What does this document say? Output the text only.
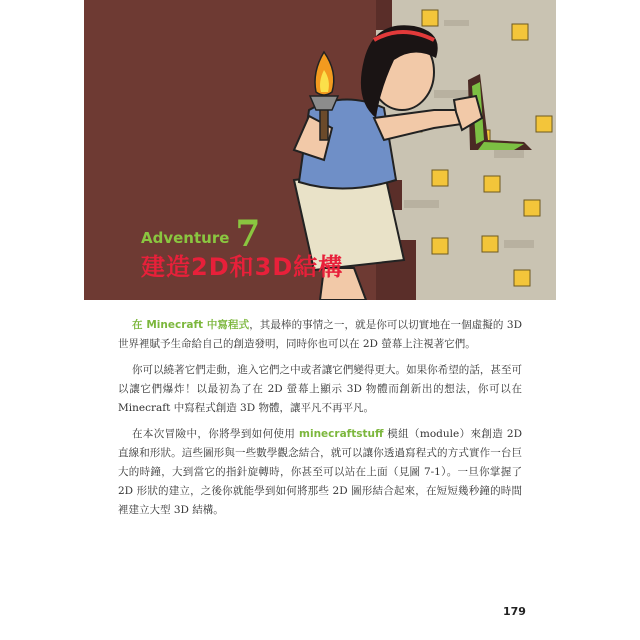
Adventure 7
建造2D和3D結構

在 Minecraft 中寫程式，其最棒的事情之一，就是你可以切實地在一個虛擬的 3D 世界裡賦予生命給自己的創造發明，同時你也可以在 2D 螢幕上注視著它們。

你可以繞著它們走動，進入它們之中或者讓它們變得更大。如果你希望的話，甚至可以讓它們爆炸！以最初為了在 2D 螢幕上顯示 3D 物體而創新出的想法，你可以在 Minecraft 中寫程式創造 3D 物體，讓平凡不再平凡。

在本次冒險中，你將學到如何使用 minecraftstuff 模組（module）來創造 2D 直線和形狀。這些圖形與一些數學觀念結合，就可以讓你透過寫程式的方式實作一台巨大的時鐘，大到當它的指針旋轉時，你甚至可以站在上面（見圖 7-1）。一旦你掌握了 2D 形狀的建立，之後你就能學到如何將那些 2D 圖形結合起來，在短短幾秒鐘的時間裡建立大型 3D 結構。

179
